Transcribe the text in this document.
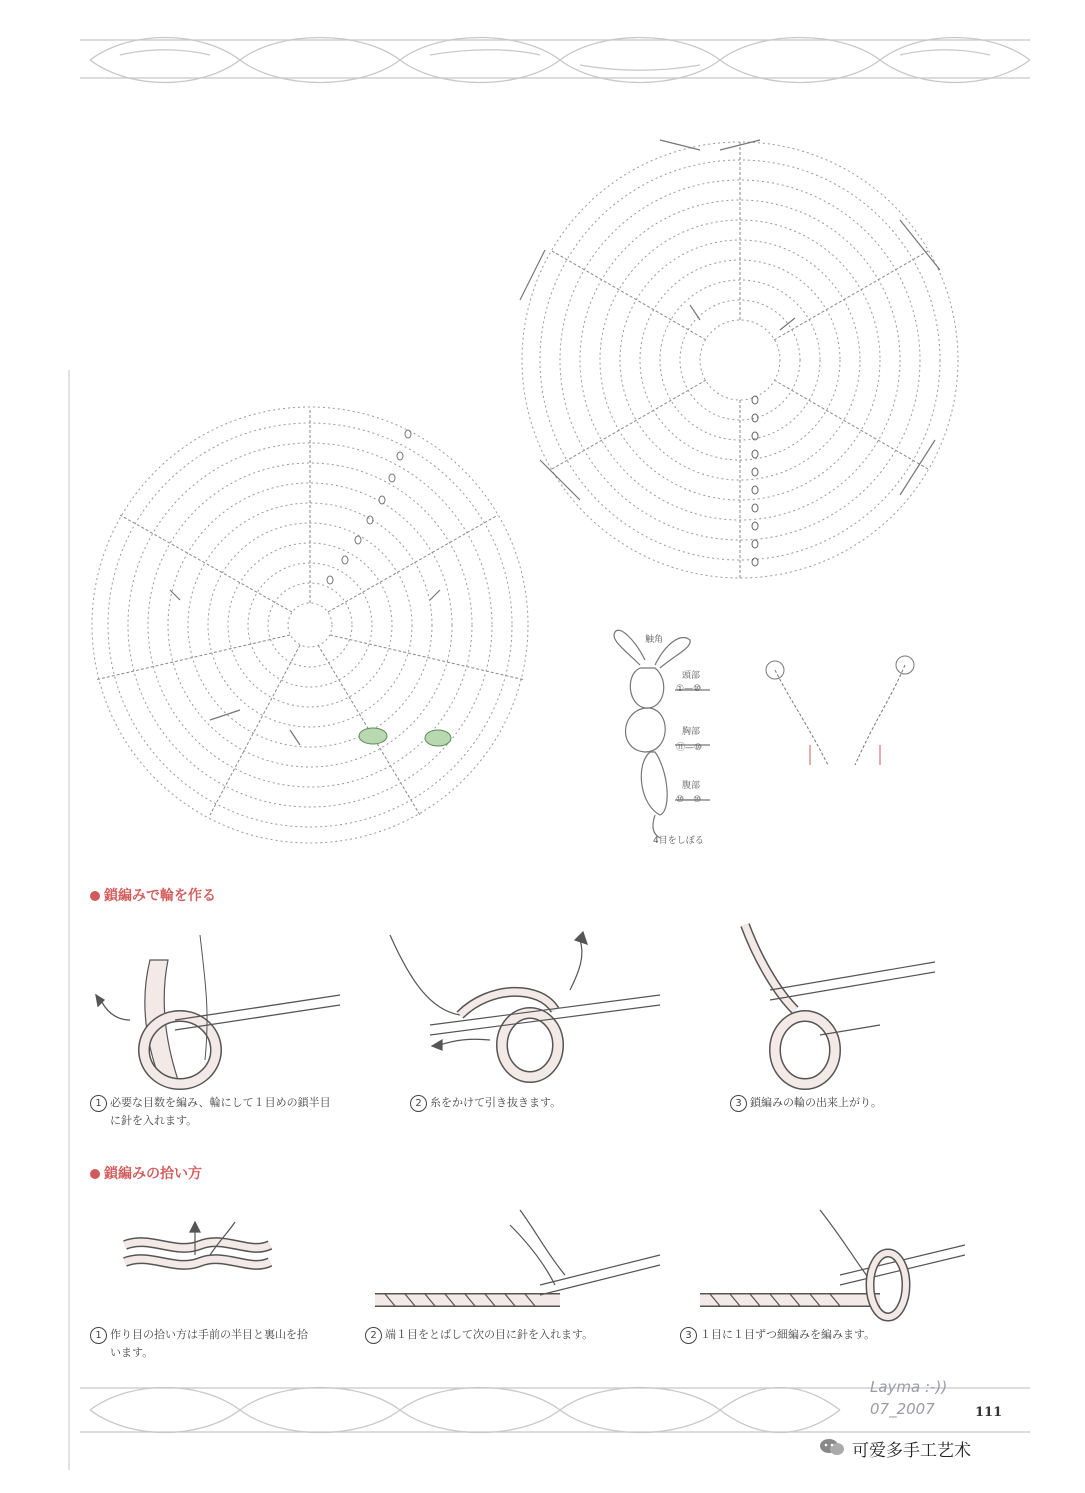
触角
頭部
①—⑩
胸部
⑪—⑩
腹部
⑩—⑩
4目をしぼる
鎖編みで輪を作る
1 必要な目数を編み、輪にして１目めの鎖半目
に針を入れます。
2 糸をかけて引き抜きます。	3 鎖編みの輪の出来上がり。
鎖編みの拾い方
1 作り目の拾い方は手前の半目と裏山を拾
います。
2 端１目をとばして次の目に針を入れます。	3 １目に１目ずつ細編みを編みます。
Layma :-))
07_2007	111
可爱多手工艺术
